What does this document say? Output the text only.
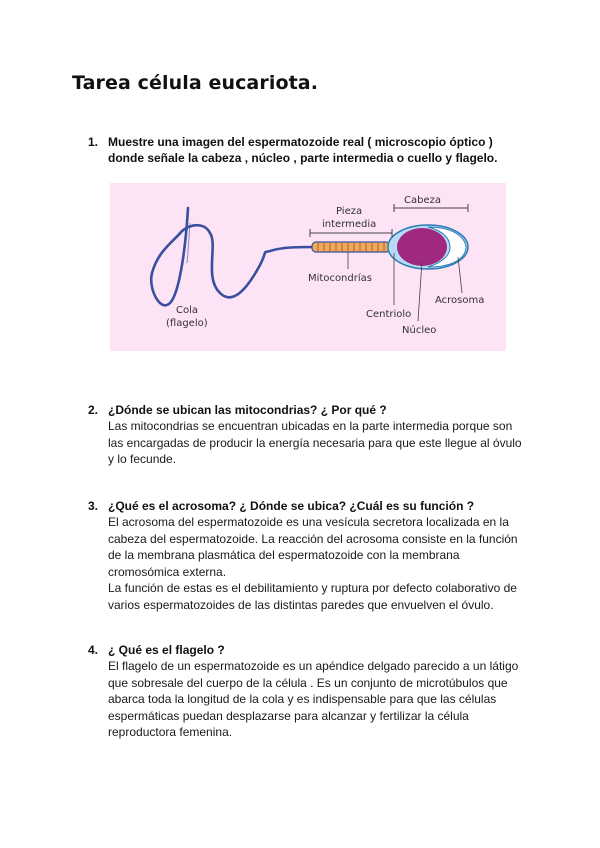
Tarea célula eucariota.
1. Muestre una imagen del espermatozoide real ( microscopio óptico ) donde señale la cabeza , núcleo , parte intermedia o cuello y flagelo.
Cabeza
Pieza
intermedia
Mitocondrías
Centriolo
Acrosoma
Núcleo
Cola
(flagelo)
2. ¿Dónde se ubican las mitocondrias? ¿ Por qué ?

Las mitocondrias se encuentran ubicadas en la parte intermedia porque son las encargadas de producir la energía necesaria para que este llegue al óvulo y lo fecunde.

3. ¿Qué es el acrosoma? ¿ Dónde se ubica? ¿Cuál es su función ?

El acrosoma del espermatozoide es una vesícula secretora localizada en la cabeza del espermatozoide. La reacción del acrosoma consiste en la función de la membrana plasmática del espermatozoide con la membrana cromosómica externa.

La función de estas es el debilitamiento y ruptura por defecto colaborativo de varios espermatozoides de las distintas paredes que envuelven el óvulo.

4. ¿ Qué es el flagelo ?

El flagelo de un espermatozoide es un apéndice delgado parecido a un látigo que sobresale del cuerpo de la célula . Es un conjunto de microtúbulos que abarca toda la longitud de la cola y es indispensable para que las células espermáticas puedan desplazarse para alcanzar y fertilizar la célula reproductora femenina.
